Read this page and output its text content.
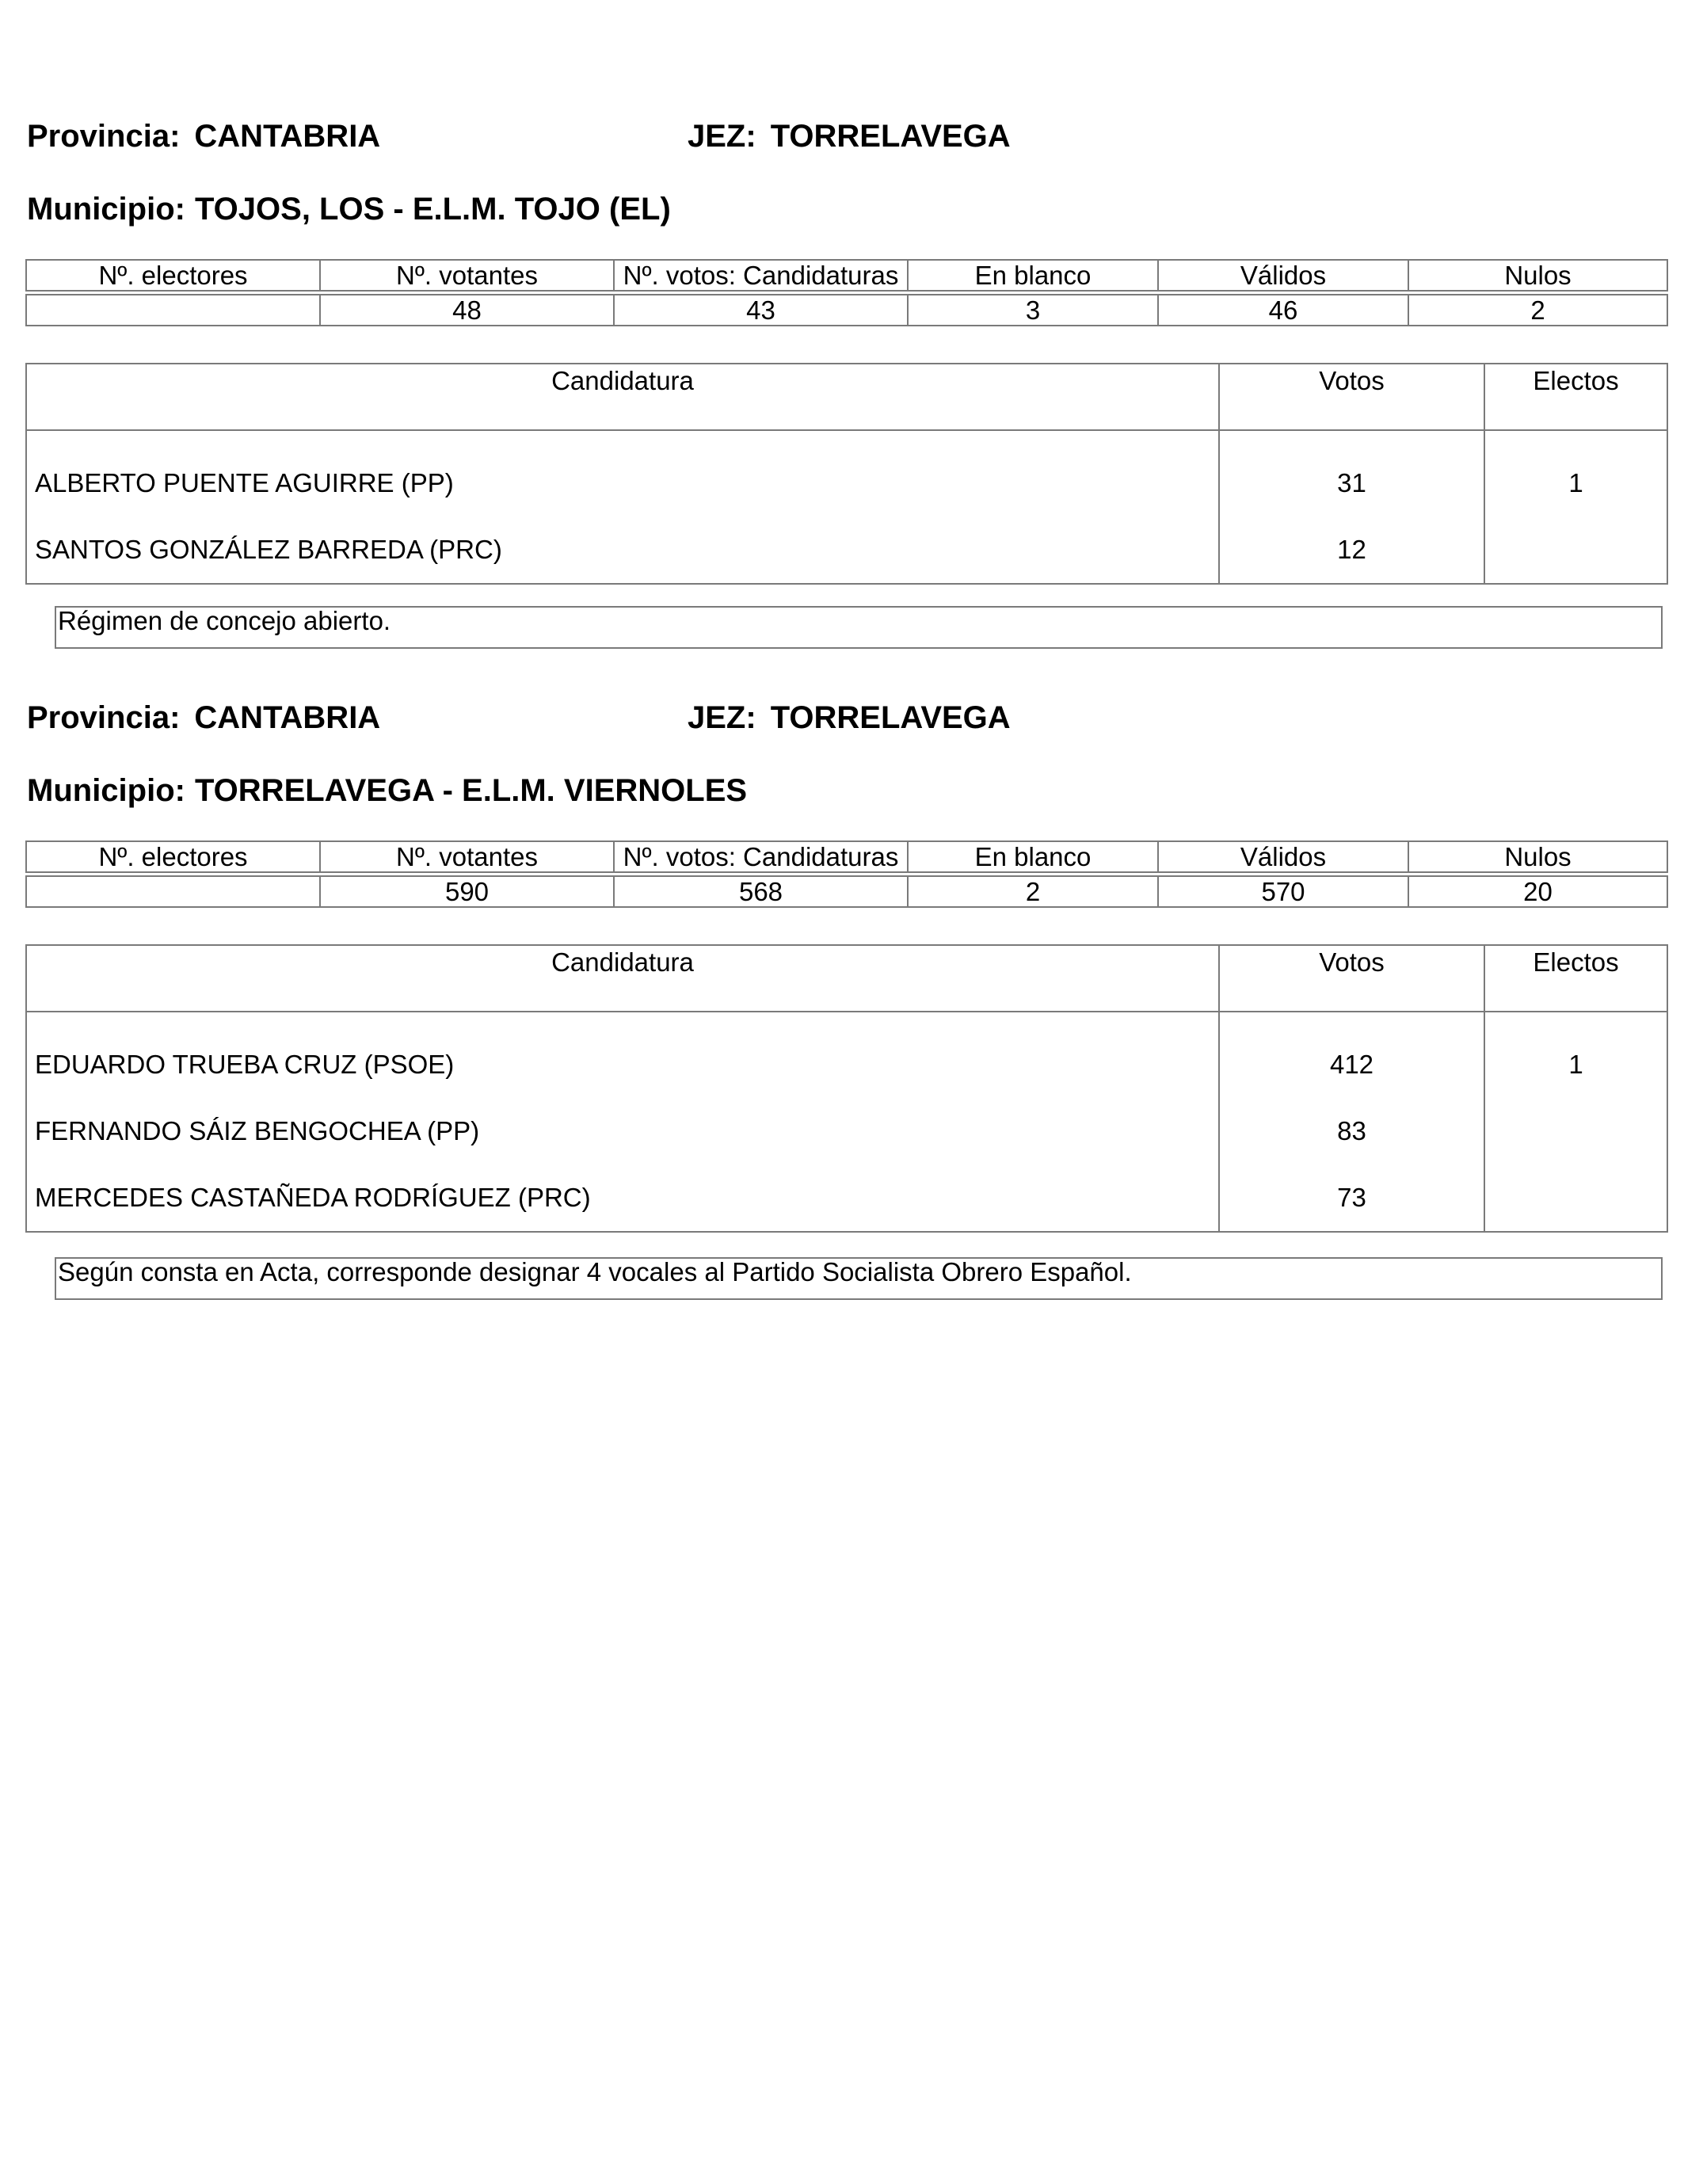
Provincia: CANTABRIA	JEZ: TORRELAVEGA
Municipio: TOJOS, LOS - E.L.M. TOJO (EL)
Nº. electores	Nº. votantes	Nº. votos: Candidaturas	En blanco	Válidos	Nulos
	48	43	3	46	2
Candidatura	Votos	Electos
ALBERTO PUENTE AGUIRRE (PP)	31	1
SANTOS GONZÁLEZ BARREDA (PRC)	12	
Régimen de concejo abierto.
Provincia: CANTABRIA	JEZ: TORRELAVEGA
Municipio: TORRELAVEGA - E.L.M. VIERNOLES
Nº. electores	Nº. votantes	Nº. votos: Candidaturas	En blanco	Válidos	Nulos
	590	568	2	570	20
Candidatura	Votos	Electos
EDUARDO TRUEBA CRUZ (PSOE)	412	1
FERNANDO SÁIZ BENGOCHEA (PP)	83	
MERCEDES CASTAÑEDA RODRÍGUEZ (PRC)	73	
Según consta en Acta, corresponde designar 4 vocales al Partido Socialista Obrero Español.
